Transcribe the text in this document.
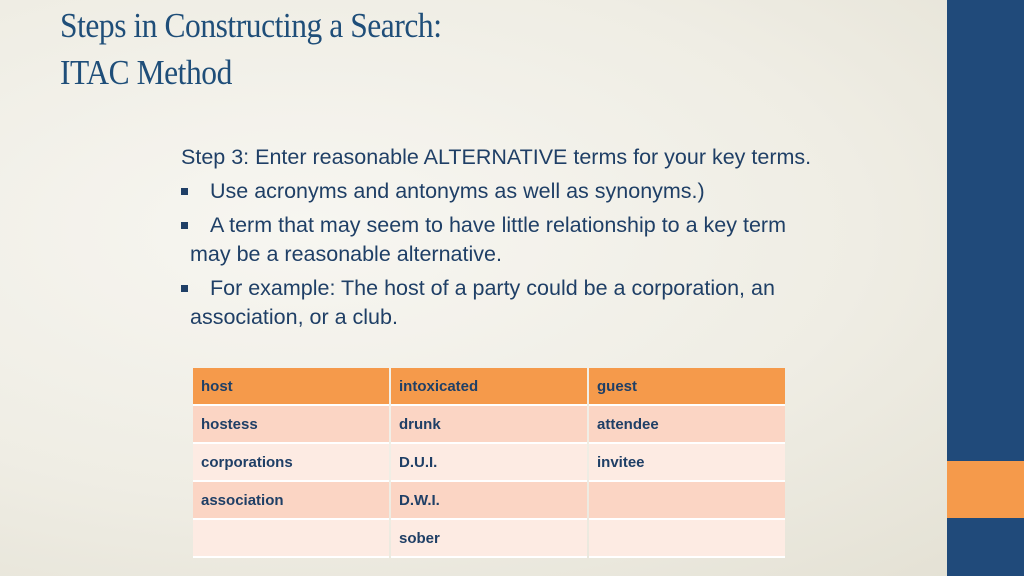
Steps in Constructing a Search:
ITAC Method
Step 3: Enter reasonable ALTERNATIVE terms for your key terms.
Use acronyms and antonyms as well as synonyms.)
A term that may seem to have little relationship to a key term may be a reasonable alternative.
For example: The host of a party could be a corporation, an association, or a club.
host	intoxicated	guest
hostess	drunk	attendee
corporations	D.U.I.	invitee
association	D.W.I.	
	sober	
